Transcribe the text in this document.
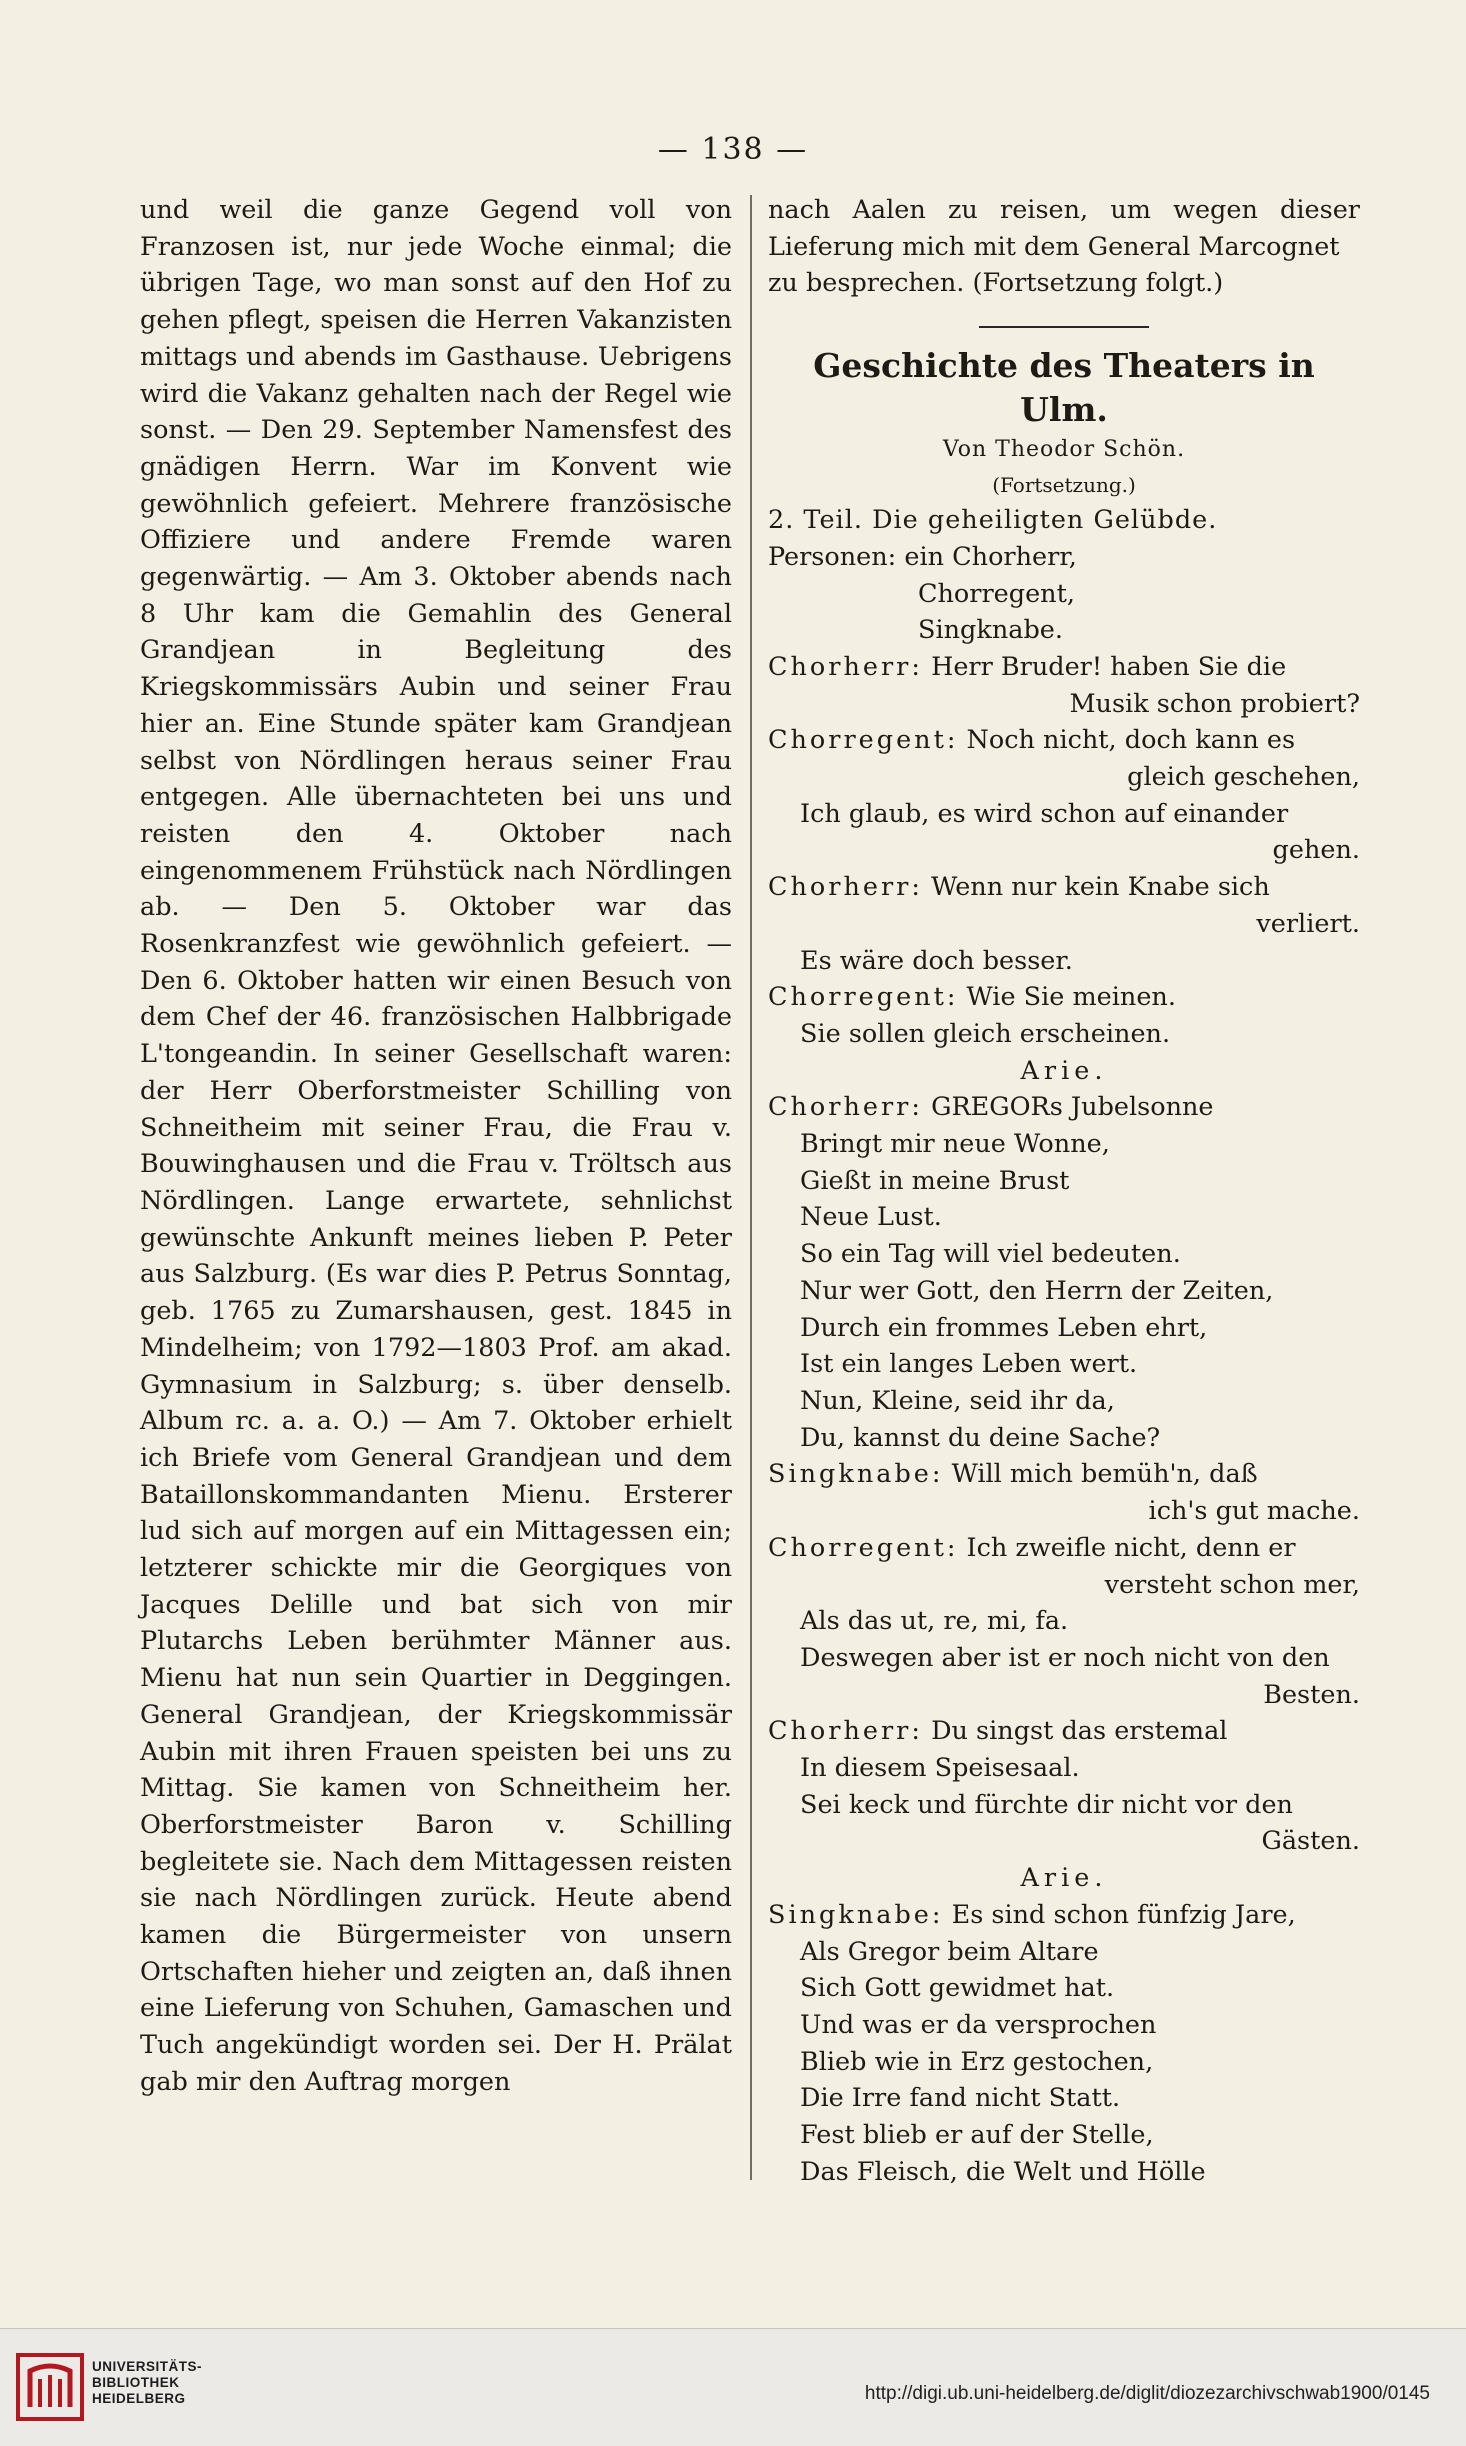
— 138 —

und weil die ganze Gegend voll von Franzosen ist, nur jede Woche einmal; die übrigen Tage, wo man sonst auf den Hof zu gehen pflegt, speisen die Herren Vakanzisten mittags und abends im Gasthause. Uebrigens wird die Vakanz gehalten nach der Regel wie sonst. — Den 29. September Namensfest des gnädigen Herrn. War im Konvent wie gewöhnlich gefeiert. Mehrere französische Offiziere und andere Fremde waren gegenwärtig. — Am 3. Oktober abends nach 8 Uhr kam die Gemahlin des General Grandjean in Begleitung des Kriegskommissärs Aubin und seiner Frau hier an. Eine Stunde später kam Grandjean selbst von Nördlingen heraus seiner Frau entgegen. Alle übernachteten bei uns und reisten den 4. Oktober nach eingenommenem Frühstück nach Nördlingen ab. — Den 5. Oktober war das Rosenkranzfest wie gewöhnlich gefeiert. — Den 6. Oktober hatten wir einen Besuch von dem Chef der 46. französischen Halbbrigade L'tongeandin. In seiner Gesellschaft waren: der Herr Oberforstmeister Schilling von Schneitheim mit seiner Frau, die Frau v. Bouwinghausen und die Frau v. Tröltsch aus Nördlingen. Lange erwartete, sehnlichst gewünschte Ankunft meines lieben P. Peter aus Salzburg. (Es war dies P. Petrus Sonntag, geb. 1765 zu Zumarshausen, gest. 1845 in Mindelheim; von 1792—1803 Prof. am akad. Gymnasium in Salzburg; s. über denselb. Album rc. a. a. O.) — Am 7. Oktober erhielt ich Briefe vom General Grandjean und dem Bataillonskommandanten Mienu. Ersterer lud sich auf morgen auf ein Mittagessen ein; letzterer schickte mir die Georgiques von Jacques Delille und bat sich von mir Plutarchs Leben berühmter Männer aus. Mienu hat nun sein Quartier in Deggingen. General Grandjean, der Kriegskommissär Aubin mit ihren Frauen speisten bei uns zu Mittag. Sie kamen von Schneitheim her. Oberforstmeister Baron v. Schilling begleitete sie. Nach dem Mittagessen reisten sie nach Nördlingen zurück. Heute abend kamen die Bürgermeister von unsern Ortschaften hieher und zeigten an, daß ihnen eine Lieferung von Schuhen, Gamaschen und Tuch angekündigt worden sei. Der H. Prälat gab mir den Auftrag morgen

nach Aalen zu reisen, um wegen dieser Lieferung mich mit dem General Marcognet
zu besprechen. (Fortsetzung folgt.)
Geschichte des Theaters in Ulm.
Von Theodor Schön.
(Fortsetzung.)
2. Teil. Die geheiligten Gelübde.
Personen: ein Chorherr,
Chorregent,
Singknabe.
Chorherr: Herr Bruder! haben Sie die
Musik schon probiert?
Chorregent: Noch nicht, doch kann es
gleich geschehen,
Ich glaub, es wird schon auf einander
gehen.
Chorherr: Wenn nur kein Knabe sich
verliert.
Es wäre doch besser.
Chorregent: Wie Sie meinen.
Sie sollen gleich erscheinen.
Arie.
Chorherr: GREGORs Jubelsonne
Bringt mir neue Wonne,
Gießt in meine Brust
Neue Lust.
So ein Tag will viel bedeuten.
Nur wer Gott, den Herrn der Zeiten,
Durch ein frommes Leben ehrt,
Ist ein langes Leben wert.
Nun, Kleine, seid ihr da,
Du, kannst du deine Sache?
Singknabe: Will mich bemüh'n, daß
ich's gut mache.
Chorregent: Ich zweifle nicht, denn er
versteht schon mer,
Als das ut, re, mi, fa.
Deswegen aber ist er noch nicht von den
Besten.
Chorherr: Du singst das erstemal
In diesem Speisesaal.
Sei keck und fürchte dir nicht vor den
Gästen.
Arie.
Singknabe: Es sind schon fünfzig Jare,
Als Gregor beim Altare
Sich Gott gewidmet hat.
Und was er da versprochen
Blieb wie in Erz gestochen,
Die Irre fand nicht Statt.
Fest blieb er auf der Stelle,
Das Fleisch, die Welt und Hölle
UNIVERSITÄTS-
BIBLIOTHEK
HEIDELBERG	http://digi.ub.uni-heidelberg.de/diglit/diozezarchivschwab1900/0145
